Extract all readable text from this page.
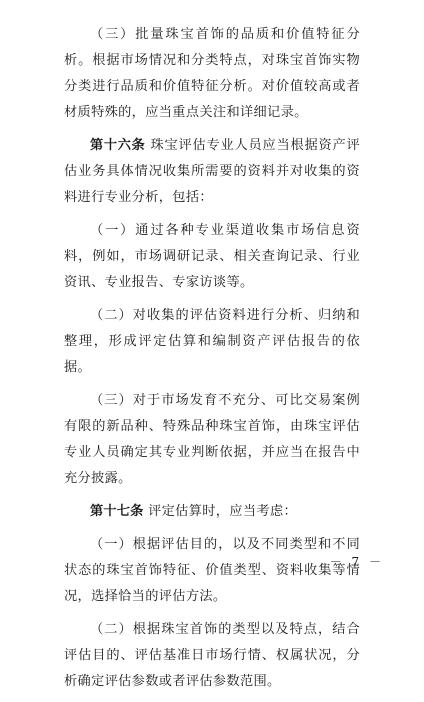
（三）批量珠宝首饰的品质和价值特征分析。根据市场情况和分类特点，对珠宝首饰实物分类进行品质和价值特征分析。对价值较高或者材质特殊的，应当重点关注和详细记录。

第十六条 珠宝评估专业人员应当根据资产评估业务具体情况收集所需要的资料并对收集的资料进行专业分析，包括：

（一）通过各种专业渠道收集市场信息资料，例如，市场调研记录、相关查询记录、行业资讯、专业报告、专家访谈等。

（二）对收集的评估资料进行分析、归纳和整理，形成评定估算和编制资产评估报告的依据。

（三）对于市场发育不充分、可比交易案例有限的新品种、特殊品种珠宝首饰，由珠宝评估专业人员确定其专业判断依据，并应当在报告中充分披露。

第十七条 评定估算时，应当考虑：

（一）根据评估目的，以及不同类型和不同状态的珠宝首饰特征、价值类型、资料收集等情况，选择恰当的评估方法。

（二）根据珠宝首饰的类型以及特点，结合评估目的、评估基准日市场行情、权属状况，分析确定评估参数或者评估参数范围。

－ 7 －
